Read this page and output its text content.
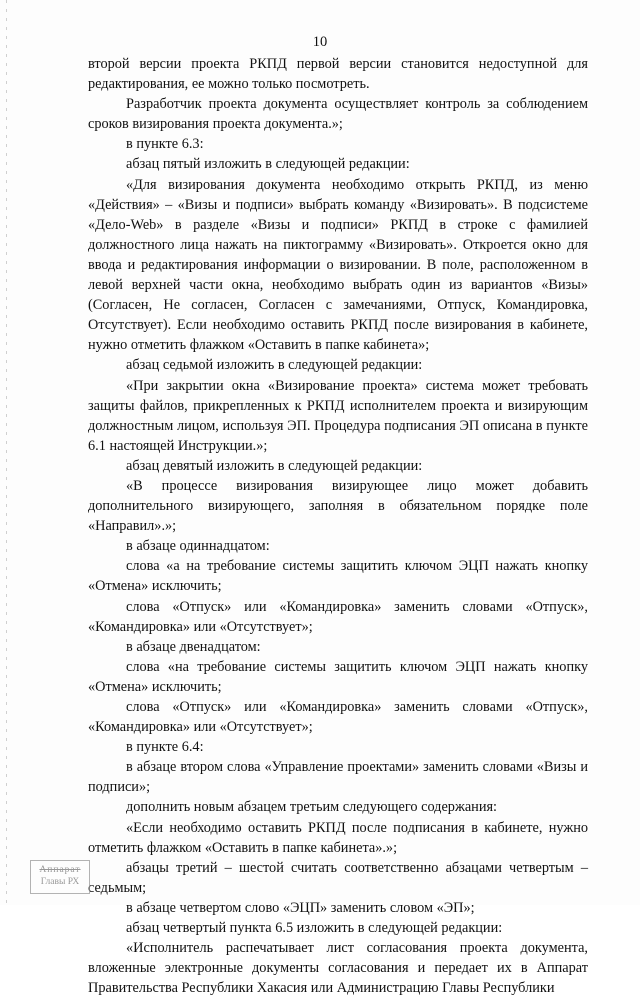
10

второй версии проекта РКПД первой версии становится недоступной для редактирования, ее можно только посмотреть.

Разработчик проекта документа осуществляет контроль за соблюдением сроков визирования проекта документа.»;

в пункте 6.3:

абзац пятый изложить в следующей редакции:

«Для визирования документа необходимо открыть РКПД, из меню «Действия» – «Визы и подписи» выбрать команду «Визировать». В подсистеме «Дело-Web» в разделе «Визы и подписи» РКПД в строке с фамилией должностного лица нажать на пиктограмму «Визировать». Откроется окно для ввода и редактирования информации о визировании. В поле, расположенном в левой верхней части окна, необходимо выбрать один из вариантов «Визы» (Согласен, Не согласен, Согласен с замечаниями, Отпуск, Командировка, Отсутствует). Если необходимо оставить РКПД после визирования в кабинете, нужно отметить флажком «Оставить в папке кабинета»;

абзац седьмой изложить в следующей редакции:

«При закрытии окна «Визирование проекта» система может требовать защиты файлов, прикрепленных к РКПД исполнителем проекта и визирующим должностным лицом, используя ЭП. Процедура подписания ЭП описана в пункте 6.1 настоящей Инструкции.»;

абзац девятый изложить в следующей редакции:

«В процессе визирования визирующее лицо может добавить дополнительного визирующего, заполняя в обязательном порядке поле «Направил».»;

в абзаце одиннадцатом:

слова «а на требование системы защитить ключом ЭЦП нажать кнопку «Отмена» исключить;

слова «Отпуск» или «Командировка» заменить словами «Отпуск», «Командировка» или «Отсутствует»;

в абзаце двенадцатом:

слова «на требование системы защитить ключом ЭЦП нажать кнопку «Отмена» исключить;

слова «Отпуск» или «Командировка» заменить словами «Отпуск», «Командировка» или «Отсутствует»;

в пункте 6.4:

в абзаце втором слова «Управление проектами» заменить словами «Визы и подписи»;

дополнить новым абзацем третьим следующего содержания:

«Если необходимо оставить РКПД после подписания в кабинете, нужно отметить флажком «Оставить в папке кабинета».»;

абзацы третий – шестой считать соответственно абзацами четвертым – седьмым;

в абзаце четвертом слово «ЭЦП» заменить словом «ЭП»;

абзац четвертый пункта 6.5 изложить в следующей редакции:

«Исполнитель распечатывает лист согласования проекта документа, вложенные электронные документы согласования и передает их в Аппарат Правительства Республики Хакасия или Администрацию Главы Республики

Аппарат
Главы РХ
